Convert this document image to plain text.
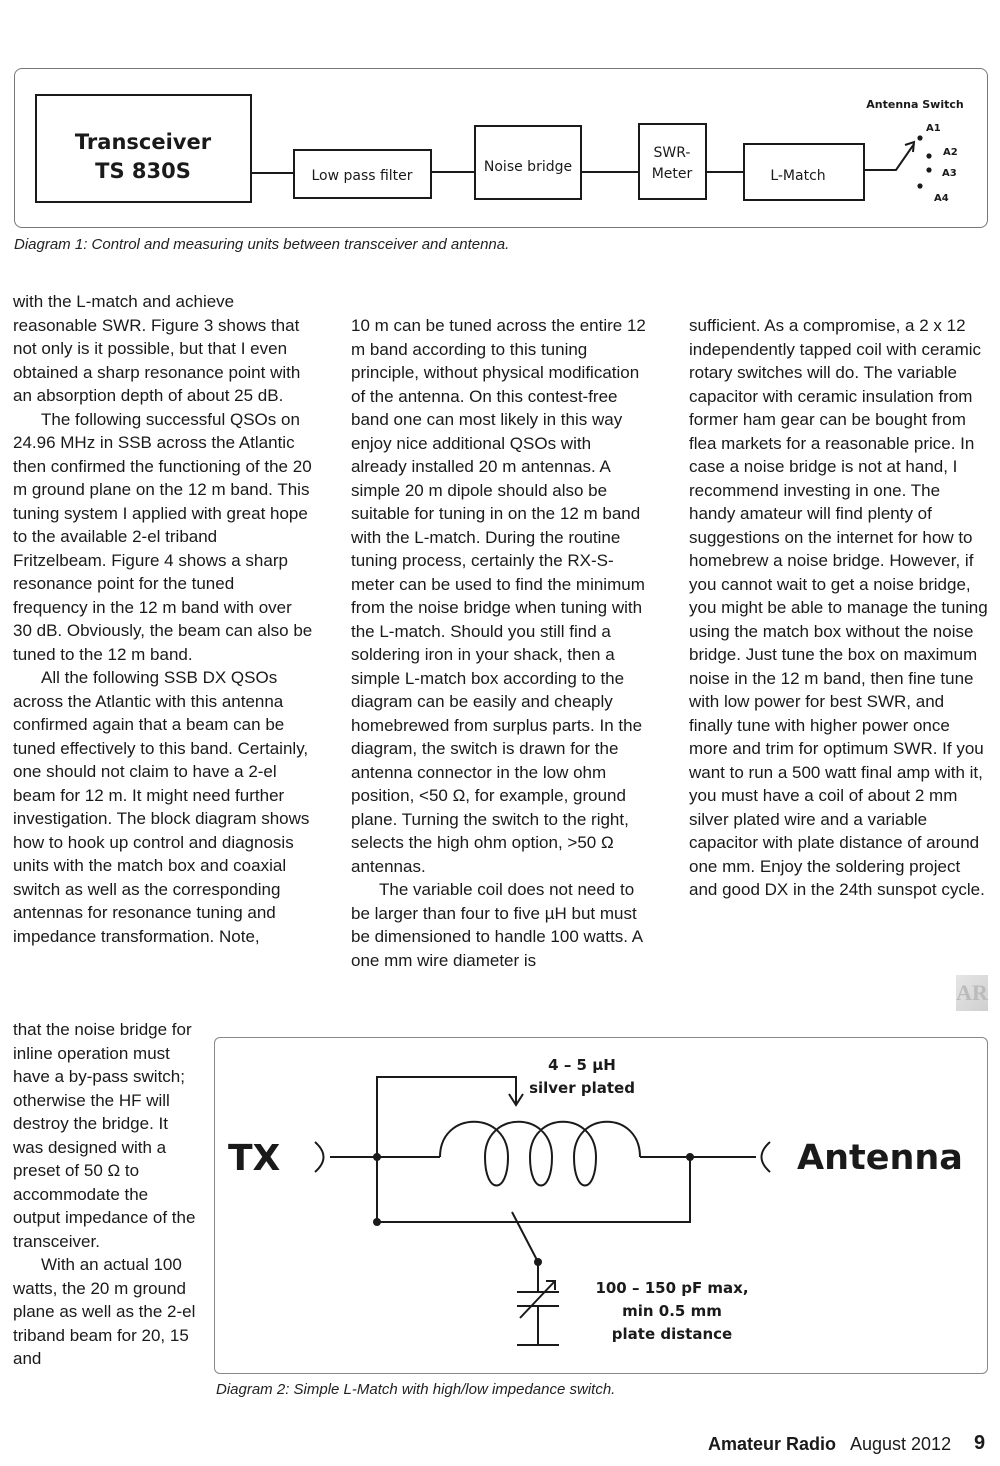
Transceiver
TS 830S	Low pass filter
Noise bridge
SWR-
Meter	L-Match
Antenna Switch
A1
A2
A3
A4
Diagram 1: Control and measuring units between transceiver and antenna.

with the L-match and achieve reasonable SWR. Figure 3 shows that not only is it possible, but that I even obtained a sharp resonance point with an absorption depth of about 25 dB.

The following successful QSOs on 24.96 MHz in SSB across the Atlantic then confirmed the functioning of the 20 m ground plane on the 12 m band. This tuning system I applied with great hope to the available 2-el triband Fritzelbeam. Figure 4 shows a sharp resonance point for the tuned frequency in the 12 m band with over 30 dB. Obviously, the beam can also be tuned to the 12 m band.

All the following SSB DX QSOs across the Atlantic with this antenna confirmed again that a beam can be tuned effectively to this band. Certainly, one should not claim to have a 2-el beam for 12 m. It might need further investigation. The block diagram shows how to hook up control and diagnosis units with the match box and coaxial switch as well as the corresponding antennas for resonance tuning and impedance transformation. Note,

that the noise bridge for inline operation must have a by-pass switch; otherwise the HF will destroy the bridge. It was designed with a preset of 50 Ω to accommodate the output impedance of the transceiver.

With an actual 100 watts, the 20 m ground plane as well as the 2-el triband beam for 20, 15 and

10 m can be tuned across the entire 12 m band according to this tuning principle, without physical modification of the antenna. On this contest-free band one can most likely in this way enjoy nice additional QSOs with already installed 20 m antennas. A simple 20 m dipole should also be suitable for tuning in on the 12 m band with the L-match. During the routine tuning process, certainly the RX-S-meter can be used to find the minimum from the noise bridge when tuning with the L-match. Should you still find a soldering iron in your shack, then a simple L-match box according to the diagram can be easily and cheaply homebrewed from surplus parts. In the diagram, the switch is drawn for the antenna connector in the low ohm position, <50 Ω, for example, ground plane. Turning the switch to the right, selects the high ohm option, >50 Ω antennas.

The variable coil does not need to be larger than four to five µH but must be dimensioned to handle 100 watts. A one mm wire diameter is

sufficient. As a compromise, a 2 x 12 independently tapped coil with ceramic rotary switches will do. The variable capacitor with ceramic insulation from former ham gear can be bought from flea markets for a reasonable price. In case a noise bridge is not at hand, I recommend investing in one. The handy amateur will find plenty of suggestions on the internet for how to homebrew a noise bridge. However, if you cannot wait to get a noise bridge, you might be able to manage the tuning using the match box without the noise bridge. Just tune the box on maximum noise in the 12 m band, then fine tune with low power for best SWR, and finally tune with higher power once more and trim for optimum SWR. If you want to run a 500 watt final amp with it, you must have a coil of about 2 mm silver plated wire and a variable capacitor with plate distance of around one mm. Enjoy the soldering project and good DX in the 24th sunspot cycle.

AR
TX	Antenna
4 – 5 µH
silver plated
100 – 150 pF max,
min 0.5 mm
plate distance
Diagram 2: Simple L-Match with high/low impedance switch.
Amateur Radio August 2012 9
